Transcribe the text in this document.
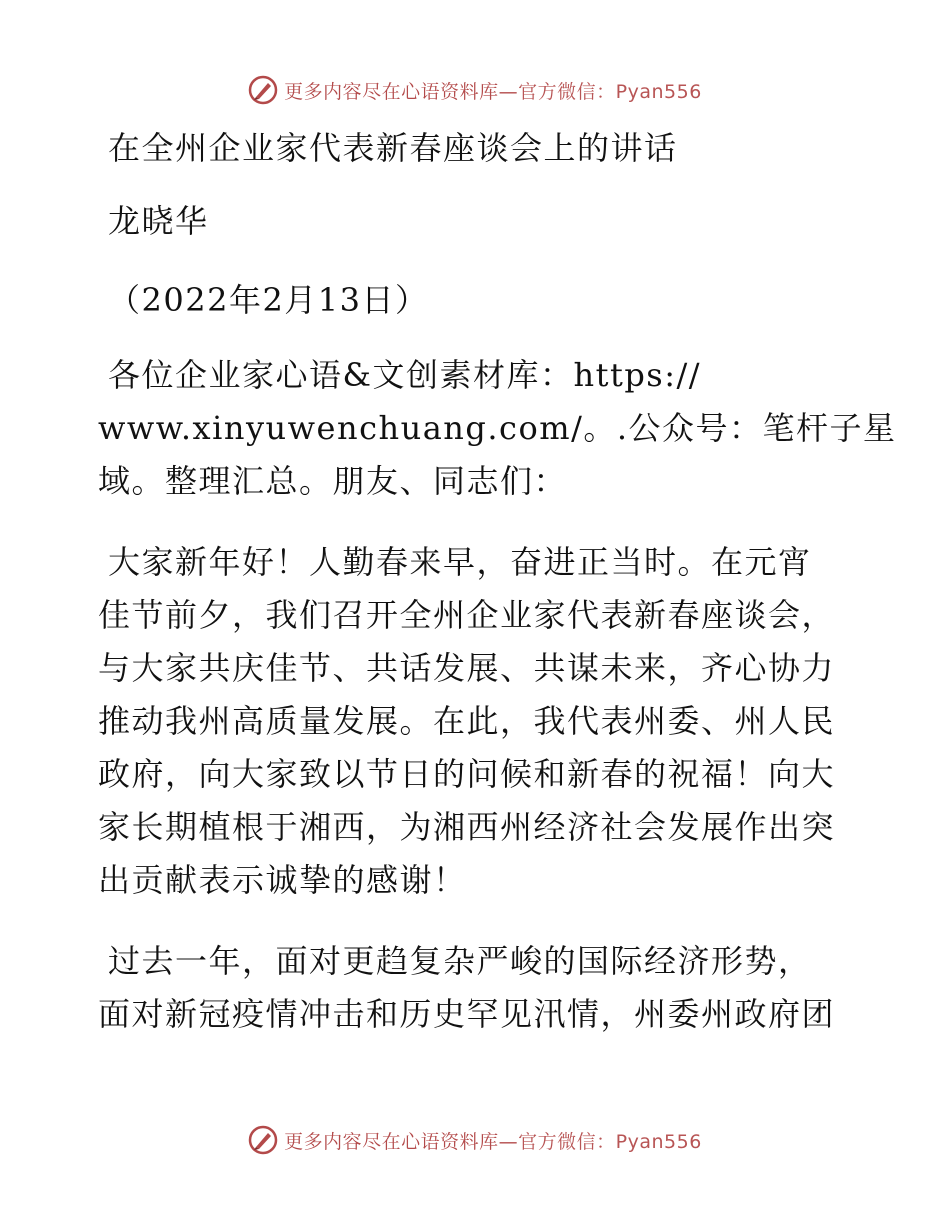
更多内容尽在心语资料库—官方微信：Pyan556

在全州企业家代表新春座谈会上的讲话

龙晓华

（2022年2月13日）

各位企业家心语&文创素材库：https://

www.xinyuwenchuang.com/。.公众号：笔杆子星

域。整理汇总。朋友、同志们：

大家新年好！人勤春来早，奋进正当时。在元宵

佳节前夕，我们召开全州企业家代表新春座谈会，

与大家共庆佳节、共话发展、共谋未来，齐心协力

推动我州高质量发展。在此，我代表州委、州人民

政府，向大家致以节日的问候和新春的祝福！向大

家长期植根于湘西，为湘西州经济社会发展作出突

出贡献表示诚挚的感谢！

过去一年，面对更趋复杂严峻的国际经济形势，

面对新冠疫情冲击和历史罕见汛情，州委州政府团

更多内容尽在心语资料库—官方微信：Pyan556
